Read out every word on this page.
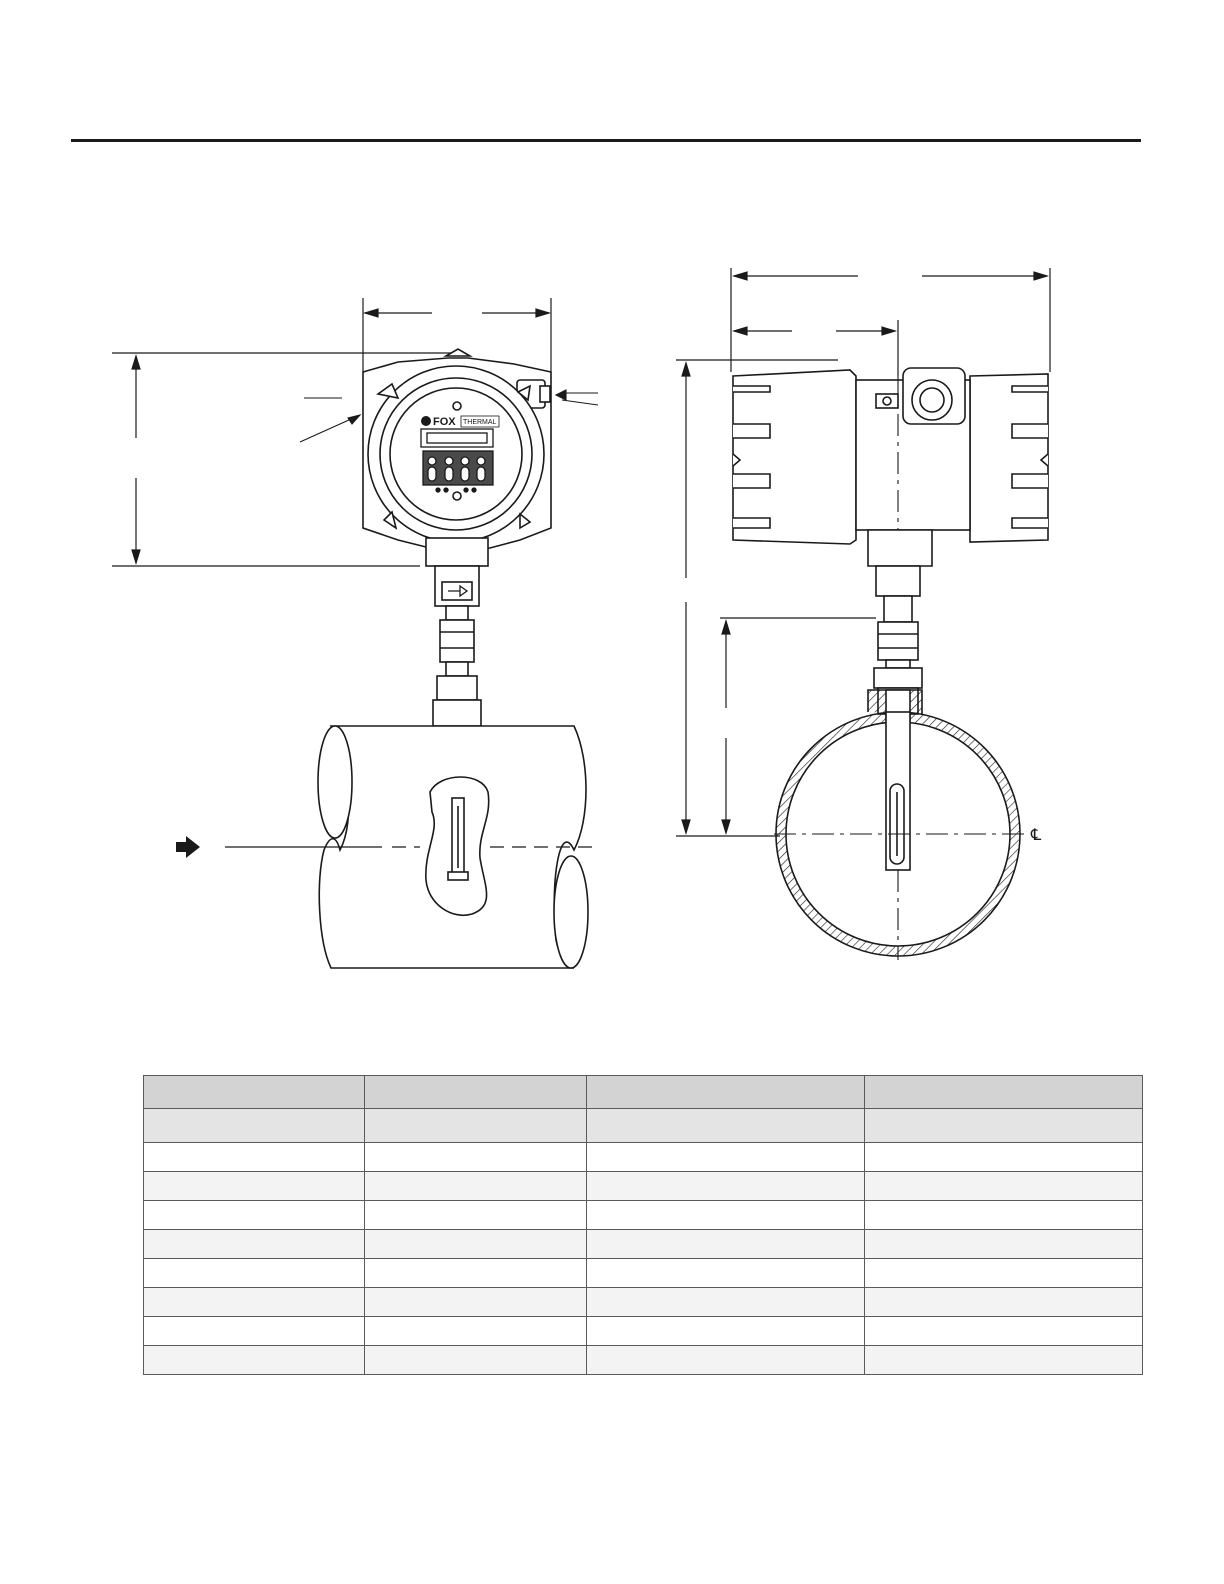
FOX THERMAL
℄
